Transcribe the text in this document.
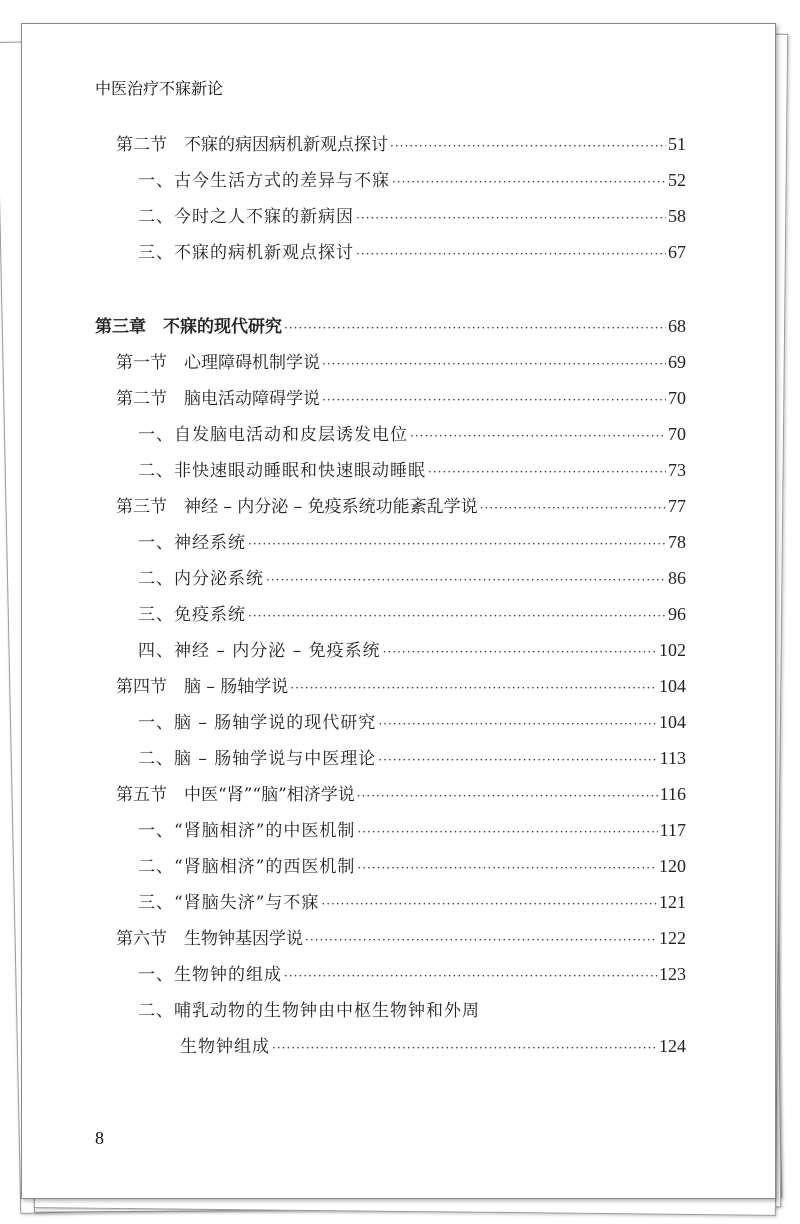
中医治疗不寐新论
第二节　不寐的病因病机新观点探讨 ·····	51
一、古今生活方式的差异与不寐 ·····	52
二、今时之人不寐的新病因 ·····	58
三、不寐的病机新观点探讨 ·····	67
第三章　不寐的现代研究 ·····	68
第一节　心理障碍机制学说 ·····	69
第二节　脑电活动障碍学说 ·····	70
一、自发脑电活动和皮层诱发电位 ·····	70
二、非快速眼动睡眠和快速眼动睡眠 ·····	73
第三节　神经 – 内分泌 – 免疫系统功能紊乱学说 ·····	77
一、神经系统 ·····	78
二、内分泌系统 ·····	86
三、免疫系统 ·····	96
四、神经 – 内分泌 – 免疫系统 ·····	102
第四节　脑 – 肠轴学说 ·····	104
一、脑 – 肠轴学说的现代研究 ·····	104
二、脑 – 肠轴学说与中医理论 ·····	113
第五节　中医“肾”“脑”相济学说 ·····	116
一、“肾脑相济”的中医机制 ·····	117
二、“肾脑相济”的西医机制 ·····	120
三、“肾脑失济”与不寐 ·····	121
第六节　生物钟基因学说 ·····	122
一、生物钟的组成 ·····	123
二、哺乳动物的生物钟由中枢生物钟和外周
生物钟组成 ·····	124
8
